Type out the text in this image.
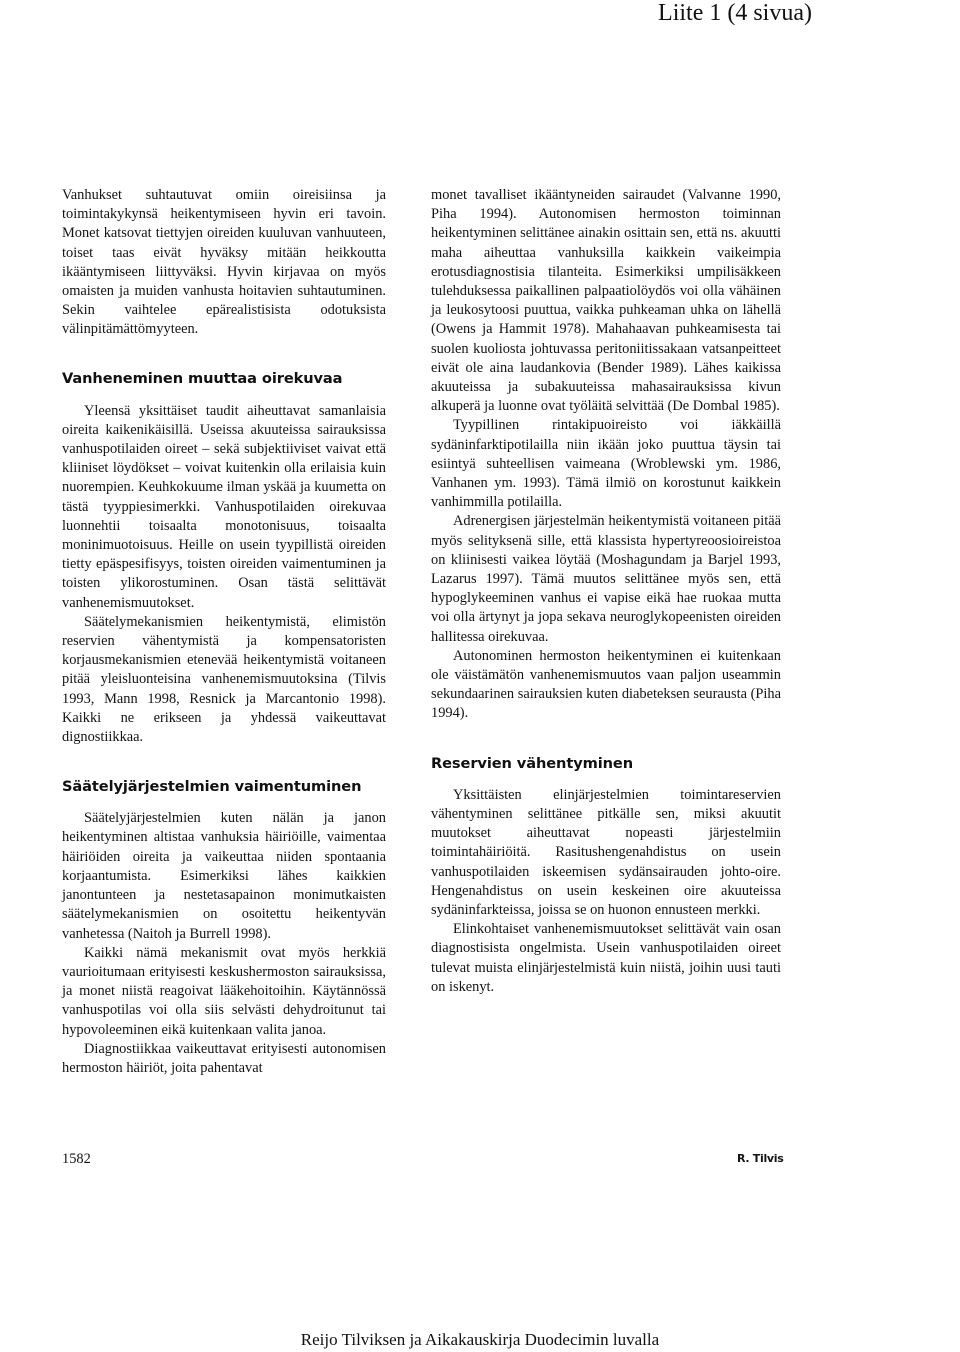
Liite 1 (4 sivua)

Vanhukset suhtautuvat omiin oireisiinsa ja toimintakykynsä heikentymiseen hyvin eri tavoin. Monet katsovat tiettyjen oireiden kuuluvan vanhuuteen, toiset taas eivät hyväksy mitään heikkoutta ikääntymiseen liittyväksi. Hyvin kirjavaa on myös omaisten ja muiden vanhusta hoitavien suhtautuminen. Sekin vaihtelee epärealistisista odotuksista välinpitämättömyyteen.

Vanheneminen muuttaa oirekuvaa

Yleensä yksittäiset taudit aiheuttavat samanlaisia oireita kaikenikäisillä. Useissa akuuteissa sairauksissa vanhuspotilaiden oireet – sekä subjektiiviset vaivat että kliiniset löydökset – voivat kuitenkin olla erilaisia kuin nuorempien. Keuhkokuume ilman yskää ja kuumetta on tästä tyyppiesimerkki. Vanhuspotilaiden oirekuvaa luonnehtii toisaalta monotonisuus, toisaalta moninimuotoisuus. Heille on usein tyypillistä oireiden tietty epäspesifisyys, toisten oireiden vaimentuminen ja toisten ylikorostuminen. Osan tästä selittävät vanhenemismuutokset.

Säätelymekanismien heikentymistä, elimistön reservien vähentymistä ja kompensatoristen korjausmekanismien etenevää heikentymistä voitaneen pitää yleisluonteisina vanhenemismuutoksina (Tilvis 1993, Mann 1998, Resnick ja Marcantonio 1998). Kaikki ne erikseen ja yhdessä vaikeuttavat dignostiikkaa.

Säätelyjärjestelmien vaimentuminen

Säätelyjärjestelmien kuten nälän ja janon heikentyminen altistaa vanhuksia häiriöille, vaimentaa häiriöiden oireita ja vaikeuttaa niiden spontaania korjaantumista. Esimerkiksi lähes kaikkien janontunteen ja nestetasapainon monimutkaisten säätelymekanismien on osoitettu heikentyvän vanhetessa (Naitoh ja Burrell 1998).

Kaikki nämä mekanismit ovat myös herkkiä vaurioitumaan erityisesti keskushermoston sairauksissa, ja monet niistä reagoivat lääkehoitoihin. Käytännössä vanhuspotilas voi olla siis selvästi dehydroitunut tai hypovoleeminen eikä kuitenkaan valita janoa.

Diagnostiikkaa vaikeuttavat erityisesti autonomisen hermoston häiriöt, joita pahentavat

monet tavalliset ikääntyneiden sairaudet (Valvanne 1990, Piha 1994). Autonomisen hermoston toiminnan heikentyminen selittänee ainakin osittain sen, että ns. akuutti maha aiheuttaa vanhuksilla kaikkein vaikeimpia erotusdiagnostisia tilanteita. Esimerkiksi umpilisäkkeen tulehduksessa paikallinen palpaatiolöydös voi olla vähäinen ja leukosytoosi puuttua, vaikka puhkeaman uhka on lähellä (Owens ja Hammit 1978). Mahahaavan puhkeamisesta tai suolen kuoliosta johtuvassa peritoniitissakaan vatsanpeitteet eivät ole aina laudankovia (Bender 1989). Lähes kaikissa akuuteissa ja subakuuteissa mahasairauksissa kivun alkuperä ja luonne ovat työläitä selvittää (De Dombal 1985).

Tyypillinen rintakipuoireisto voi iäkkäillä sydäninfarktipotilailla niin ikään joko puuttua täysin tai esiintyä suhteellisen vaimeana (Wroblewski ym. 1986, Vanhanen ym. 1993). Tämä ilmiö on korostunut kaikkein vanhimmilla potilailla.

Adrenergisen järjestelmän heikentymistä voitaneen pitää myös selityksenä sille, että klassista hypertyreoosioireistoa on kliinisesti vaikea löytää (Moshagundam ja Barjel 1993, Lazarus 1997). Tämä muutos selittänee myös sen, että hypoglykeeminen vanhus ei vapise eikä hae ruokaa mutta voi olla ärtynyt ja jopa sekava neuroglykopeenisten oireiden hallitessa oirekuvaa.

Autonominen hermoston heikentyminen ei kuitenkaan ole väistämätön vanhenemismuutos vaan paljon useammin sekundaarinen sairauksien kuten diabeteksen seurausta (Piha 1994).

Reservien vähentyminen

Yksittäisten elinjärjestelmien toimintareservien vähentyminen selittänee pitkälle sen, miksi akuutit muutokset aiheuttavat nopeasti järjestelmiin toimintahäiriöitä. Rasitushengenahdistus on usein vanhuspotilaiden iskeemisen sydänsairauden johto-oire. Hengenahdistus on usein keskeinen oire akuuteissa sydäninfarkteissa, joissa se on huonon ennusteen merkki.

Elinkohtaiset vanhenemismuutokset selittävät vain osan diagnostisista ongelmista. Usein vanhuspotilaiden oireet tulevat muista elinjärjestelmistä kuin niistä, joihin uusi tauti on iskenyt.

1582	R. Tilvis
Reijo Tilviksen ja Aikakauskirja Duodecimin luvalla
